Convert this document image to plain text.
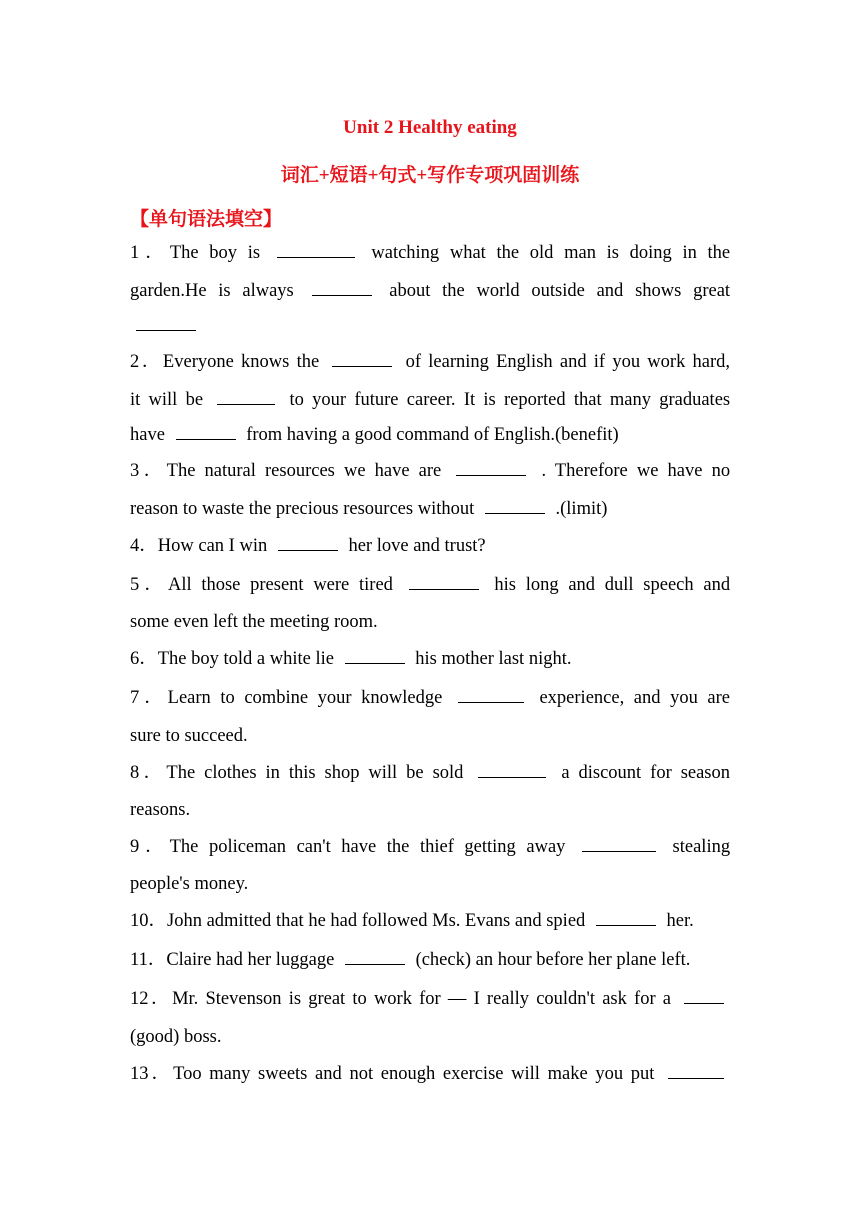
Unit 2 Healthy eating
词汇+短语+句式+写作专项巩固训练
【单句语法填空】
1．The boy is	watching what the old man is doing in the
garden.He is always	about the world outside and shows great
2．Everyone knows the	of learning English and if you work hard,
it will be	to your future career. It is reported that many graduates
have	from having a good command of English.(benefit)
3．The natural resources we have are	. Therefore we have no
reason to waste the precious resources without	.(limit)
4．How can I win	her love and trust?
5．All those present were tired	his long and dull speech and
some even left the meeting room.
6．The boy told a white lie	his mother last night.
7．Learn to combine your knowledge	experience, and you are
sure to succeed.
8．The clothes in this shop will be sold	a discount for season
reasons.
9．The policeman can't have the thief getting away	stealing
people's money.
10．John admitted that he had followed Ms. Evans and spied	her.
11．Claire had her luggage	(check) an hour before her plane left.
12．Mr. Stevenson is great to work for — I really couldn't ask for a
(good) boss.
13．Too many sweets and not enough exercise will make you put
